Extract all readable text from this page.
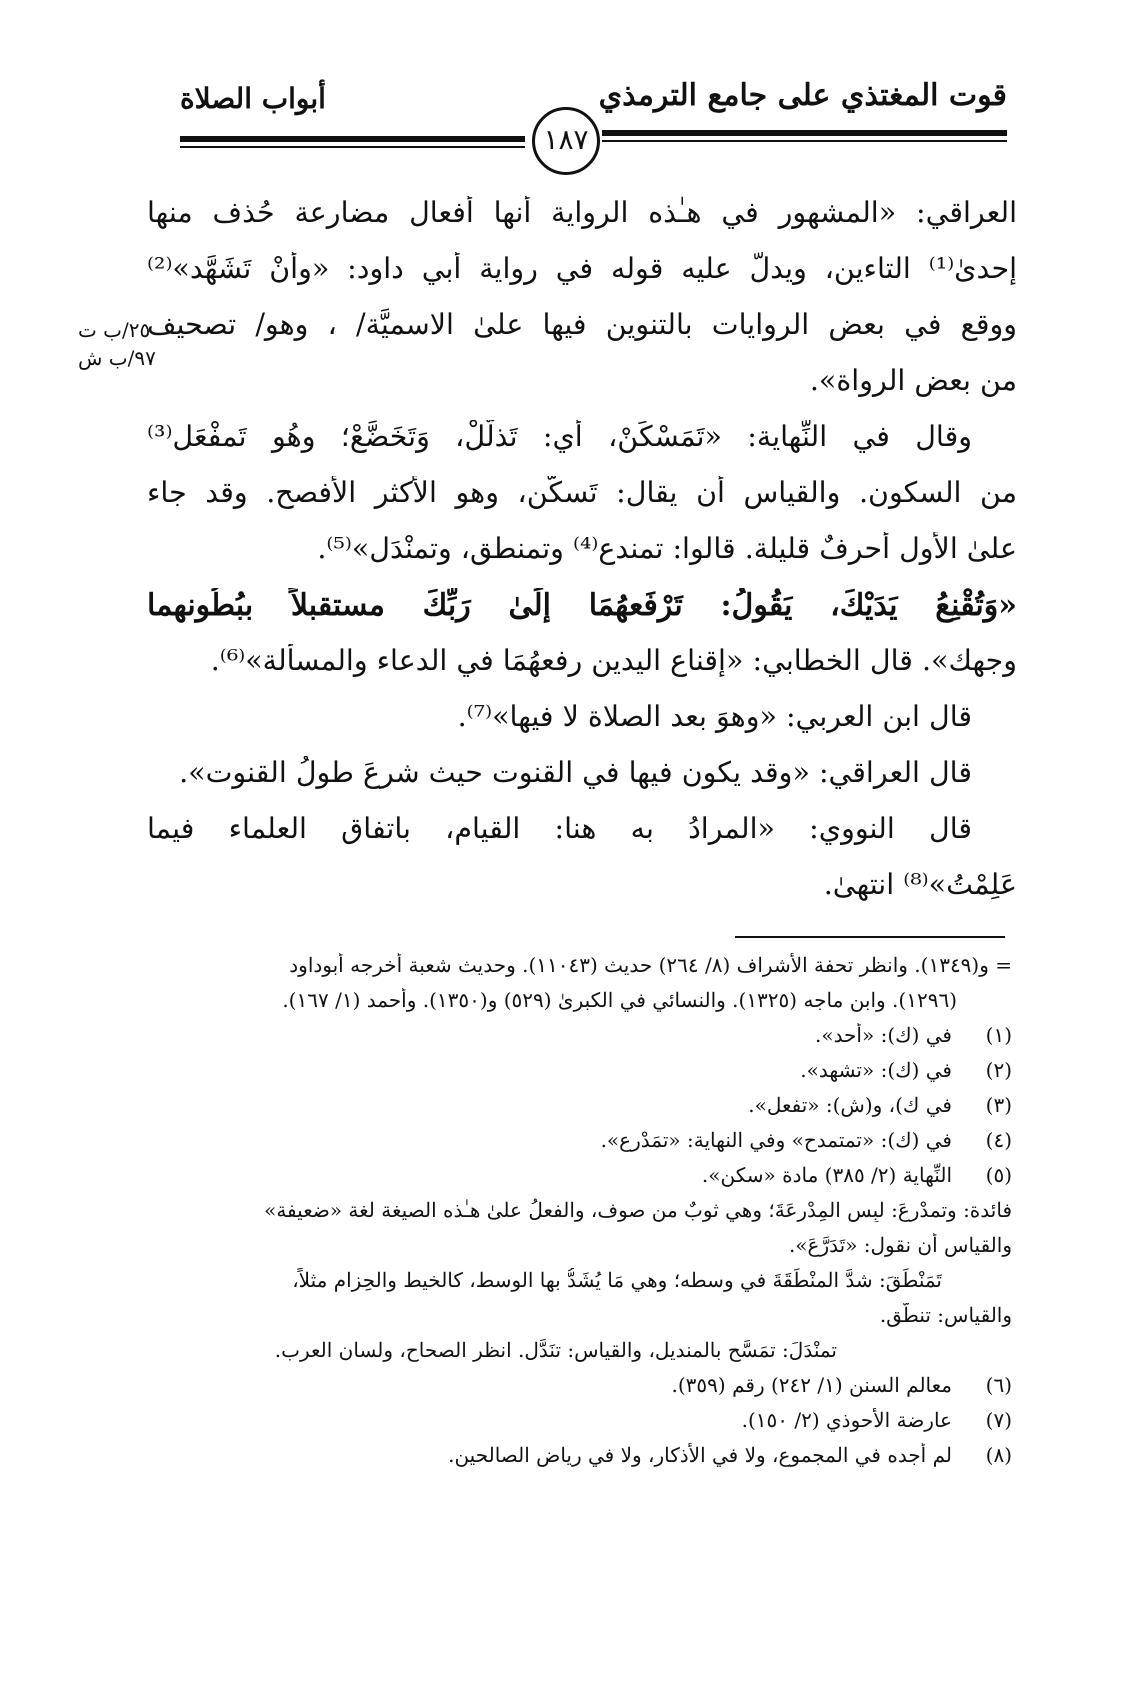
قوت المغتذي على جامع الترمذي
أبواب الصلاة
١٨٧
العراقي: «المشهور في هـٰذه الرواية أنها أفعال مضارعة حُذف منها
إحدىٰ⁽¹⁾ التاءين، ويدلُّ عليه قوله في رواية أبي داود: «وأنْ تَشَهَّد»⁽²⁾
ووقع في بعض الروايات بالتنوين فيها علىٰ الاسميَّة/ ، وهو/ تصحيف
من بعض الرواة».
وقال في النِّهاية: «تَمَسْكَنْ، أي: تَذلَّلْ، وَتَخَضَّعْ؛ وهُو تَمفْعَل⁽³⁾
من السكون. والقياس أن يقال: تَسكَّن، وهو الأكثر الأفصح. وقد جاء
علىٰ الأول أحرفٌ قليلة. قالوا: تمندع⁽⁴⁾ وتمنطق، وتمنْدَل»⁽⁵⁾.
«وَتُقْنِعُ يَدَيْكَ، يَقُولُ: تَرْفَعهُمَا إِلَىٰ رَبِّكَ مستقبلاً ببُطُونهما
وجهك». قال الخطابي: «إقناع اليدين رفعهُمَا في الدعاء والمسألة»⁽⁶⁾.
قال ابن العربي: «وهوَ بعد الصلاة لا فيها»⁽⁷⁾.
قال العراقي: «وقد يكون فيها في القنوت حيث شرِعَ طولُ القنوت».
قال النووي: «المرادُ به هنا: القيام، باتفاق العلماء فيما
عَلِمْتُ»⁽⁸⁾ انتهىٰ.
٢٥/ب ت
٩٧/ب ش
= و(١٣٤٩). وانظر تحفة الأشراف (٨/ ٢٦٤) حديث (١١٠٤٣). وحديث شعبة أخرجه أبوداود
(١٢٩٦). وابن ماجه (١٣٢٥). والنسائي في الكبرىٰ (٥٢٩) و(١٣٥٠). وأحمد (١/ ١٦٧).
(١)في (ك): «أحد».
(٢)في (ك): «تشهد».
(٣)في ك)، و(ش): «تفعل».
(٤)في (ك): «تمتمدح» وفي النهاية: «تمَدْرع».
(٥)النِّهاية (٢/ ٣٨٥) مادة «سكن».
فائدة: وتمدْرعَ: لبِس المِدْرعَةَ؛ وهي ثوبٌ من صوف، والفعلُ علىٰ هـٰذه الصيغة لغة «ضعيفة»
والقياس أن نقول: «تَدَرَّعَ».
تَمَنْطَقَ: شدَّ المنْطَقَةَ في وسطه؛ وهي مَا يُشَدُّ بها الوسط، كالخيط والحِزام مثلاً،
والقياس: تنطَّق.
تمنْدَلَ: تمَسَّح بالمنديل، والقياس: تنَدَّل. انظر الصحاح، ولسان العرب.
(٦)معالم السنن (١/ ٢٤٢) رقم (٣٥٩).
(٧)عارضة الأحوذي (٢/ ١٥٠).
(٨)لم أجده في المجموع، ولا في الأذكار، ولا في رياض الصالحين.
